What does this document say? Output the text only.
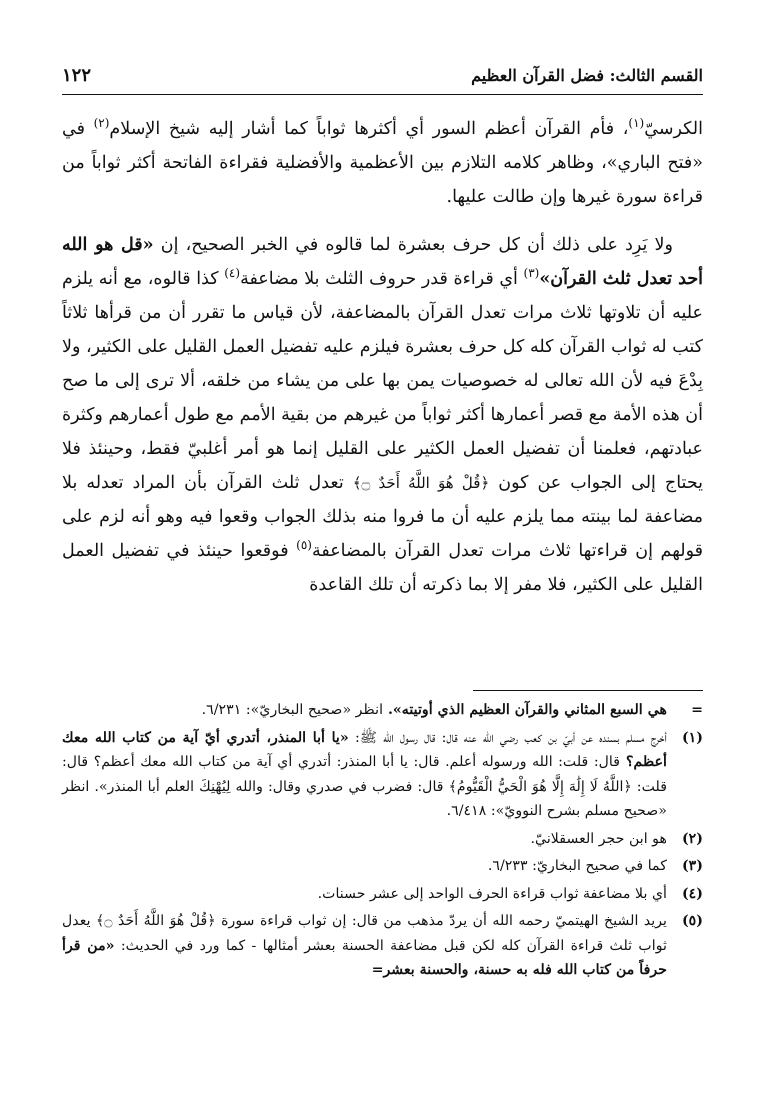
القسم الثالث: فضل القرآن العظيم
١٢٢

الكرسيّ$^{(١)}$، فأم القرآن أعظم السور أي أكثرها ثواباً كما أشار إليه شيخ الإسلام$^{(٢)}$ في «فتح الباري»، وظاهر كلامه التلازم بين الأعظمية والأفضلية فقراءة الفاتحة أكثر ثواباً من قراءة سورة غيرها وإن طالت عليها.

ولا يَرِد على ذلك أن كل حرف بعشرة لما قالوه في الخبر الصحيح، إن «قل هو الله أحد تعدل ثلث القرآن»$^{(٣)}$ أي قراءة قدر حروف الثلث بلا مضاعفة$^{(٤)}$ كذا قالوه، مع أنه يلزم عليه أن تلاوتها ثلاث مرات تعدل القرآن بالمضاعفة، لأن قياس ما تقرر أن من قرأها ثلاثاً كتب له ثواب القرآن كله كل حرف بعشرة فيلزم عليه تفضيل العمل القليل على الكثير، ولا بِدْعَ فيه لأن الله تعالى له خصوصيات يمن بها على من يشاء من خلقه، ألا ترى إلى ما صح أن هذه الأمة مع قصر أعمارها أكثر ثواباً من غيرهم من بقية الأمم مع طول أعمارهم وكثرة عبادتهم، فعلمنا أن تفضيل العمل الكثير على القليل إنما هو أمر أغلبيّ فقط، وحينئذ فلا يحتاج إلى الجواب عن كون ﴿قُلْ هُوَ اللَّهُ أَحَدٌ ۝﴾ تعدل ثلث القرآن بأن المراد تعدله بلا مضاعفة لما بينته مما يلزم عليه أن ما فروا منه بذلك الجواب وقعوا فيه وهو أنه لزم على قولهم إن قراءتها ثلاث مرات تعدل القرآن بالمضاعفة$^{(٥)}$ فوقعوا حينئذ في تفضيل العمل القليل على الكثير، فلا مفر إلا بما ذكرته أن تلك القاعدة

=
هي السبع المثاني والقرآن العظيم الذي أوتيته». انظر «صحيح البخاريّ»: ٦/٢٣١.
(١)
أخرج مسلم بسنده عن أبيّ بن كعب رضي الله عنه قال: قال رسول الله ﷺ: «يا أبا المنذر، أتدري أيّ آية من كتاب الله معك أعظم؟ قال: قلت: الله ورسوله أعلم. قال: يا أبا المنذر: أتدري أي آية من كتاب الله معك أعظم؟ قال: قلت: ﴿اللَّهُ لَا إِلَٰهَ إِلَّا هُوَ الْحَيُّ الْقَيُّومُ﴾ قال: فضرب في صدري وقال: والله لِيُهْنِكَ العلم أبا المنذر». انظر «صحيح مسلم بشرح النوويّ»: ٦/٤١٨.
(٢)
هو ابن حجر العسقلانيّ.
(٣)
كما في صحيح البخاريّ: ٦/٢٣٣.
(٤)
أي بلا مضاعفة ثواب قراءة الحرف الواحد إلى عشر حسنات.
(٥)
يريد الشيخ الهيتميّ رحمه الله أن يردّ مذهب من قال: إن ثواب قراءة سورة ﴿قُلْ هُوَ اللَّهُ أَحَدٌ ۝﴾ يعدل ثواب ثلث قراءة القرآن كله لكن قبل مضاعفة الحسنة بعشر أمثالها - كما ورد في الحديث: «من قرأ حرفاً من كتاب الله فله به حسنة، والحسنة بعشر=
